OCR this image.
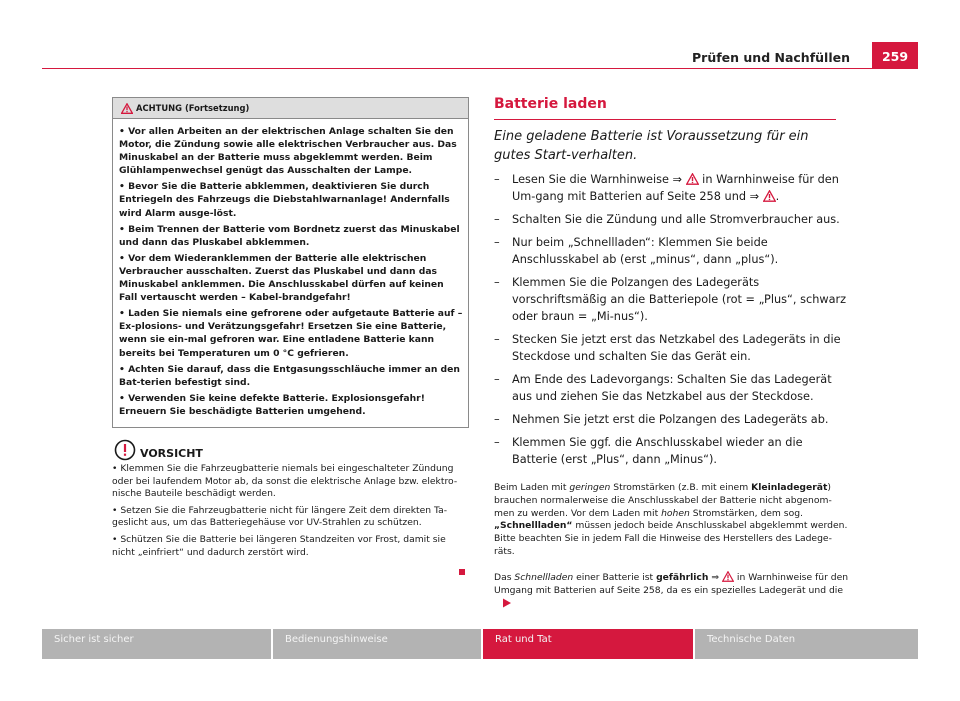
Prüfen und Nachfüllen	259
ACHTUNG (Fortsetzung)
• Vor allen Arbeiten an der elektrischen Anlage schalten Sie den Motor, die Zündung sowie alle elektrischen Verbraucher aus. Das Minuskabel an der Batterie muss abgeklemmt werden. Beim Glühlampenwechsel genügt das Ausschalten der Lampe.
• Bevor Sie die Batterie abklemmen, deaktivieren Sie durch Entriegeln des Fahrzeugs die Diebstahlwarnanlage! Andernfalls wird Alarm ausge-löst.
• Beim Trennen der Batterie vom Bordnetz zuerst das Minuskabel und dann das Pluskabel abklemmen.
• Vor dem Wiederanklemmen der Batterie alle elektrischen Verbraucher ausschalten. Zuerst das Pluskabel und dann das Minuskabel anklemmen. Die Anschlusskabel dürfen auf keinen Fall vertauscht werden – Kabel-brandgefahr!
• Laden Sie niemals eine gefrorene oder aufgetaute Batterie auf – Ex-plosions- und Verätzungsgefahr! Ersetzen Sie eine Batterie, wenn sie ein-mal gefroren war. Eine entladene Batterie kann bereits bei Temperaturen um 0 °C gefrieren.
• Achten Sie darauf, dass die Entgasungsschläuche immer an den Bat-terien befestigt sind.
• Verwenden Sie keine defekte Batterie. Explosionsgefahr! Erneuern Sie beschädigte Batterien umgehend.
VORSICHT
• Klemmen Sie die Fahrzeugbatterie niemals bei eingeschalteter Zündung oder bei laufendem Motor ab, da sonst die elektrische Anlage bzw. elektro-nische Bauteile beschädigt werden.
• Setzen Sie die Fahrzeugbatterie nicht für längere Zeit dem direkten Ta-geslicht aus, um das Batteriegehäuse vor UV-Strahlen zu schützen.
• Schützen Sie die Batterie bei längeren Standzeiten vor Frost, damit sie nicht „einfriert“ und dadurch zerstört wird.
Batterie laden
Eine geladene Batterie ist Voraussetzung für ein gutes Start-verhalten.
– Lesen Sie die Warnhinweise ⇒  in Warnhinweise für den Um-gang mit Batterien auf Seite 258 und ⇒ .
– Schalten Sie die Zündung und alle Stromverbraucher aus.
– Nur beim „Schnellladen“: Klemmen Sie beide Anschlusskabel ab (erst „minus“, dann „plus“).
– Klemmen Sie die Polzangen des Ladegeräts vorschriftsmäßig an die Batteriepole (rot = „Plus“, schwarz oder braun = „Mi-nus“).
– Stecken Sie jetzt erst das Netzkabel des Ladegeräts in die Steckdose und schalten Sie das Gerät ein.
– Am Ende des Ladevorgangs: Schalten Sie das Ladegerät aus und ziehen Sie das Netzkabel aus der Steckdose.
– Nehmen Sie jetzt erst die Polzangen des Ladegeräts ab.
– Klemmen Sie ggf. die Anschlusskabel wieder an die Batterie (erst „Plus“, dann „Minus“).
Beim Laden mit geringen Stromstärken (z.B. mit einem Kleinladegerät) brauchen normalerweise die Anschlusskabel der Batterie nicht abgenom-men zu werden. Vor dem Laden mit hohen Stromstärken, dem sog. „Schnellladen“ müssen jedoch beide Anschlusskabel abgeklemmt werden. Bitte beachten Sie in jedem Fall die Hinweise des Herstellers des Ladege-räts.
Das Schnellladen einer Batterie ist gefährlich ⇒  in Warnhinweise für den Umgang mit Batterien auf Seite 258, da es ein spezielles Ladegerät und die
Sicher ist sicher	Bedienungshinweise	Rat und Tat	Technische Daten
